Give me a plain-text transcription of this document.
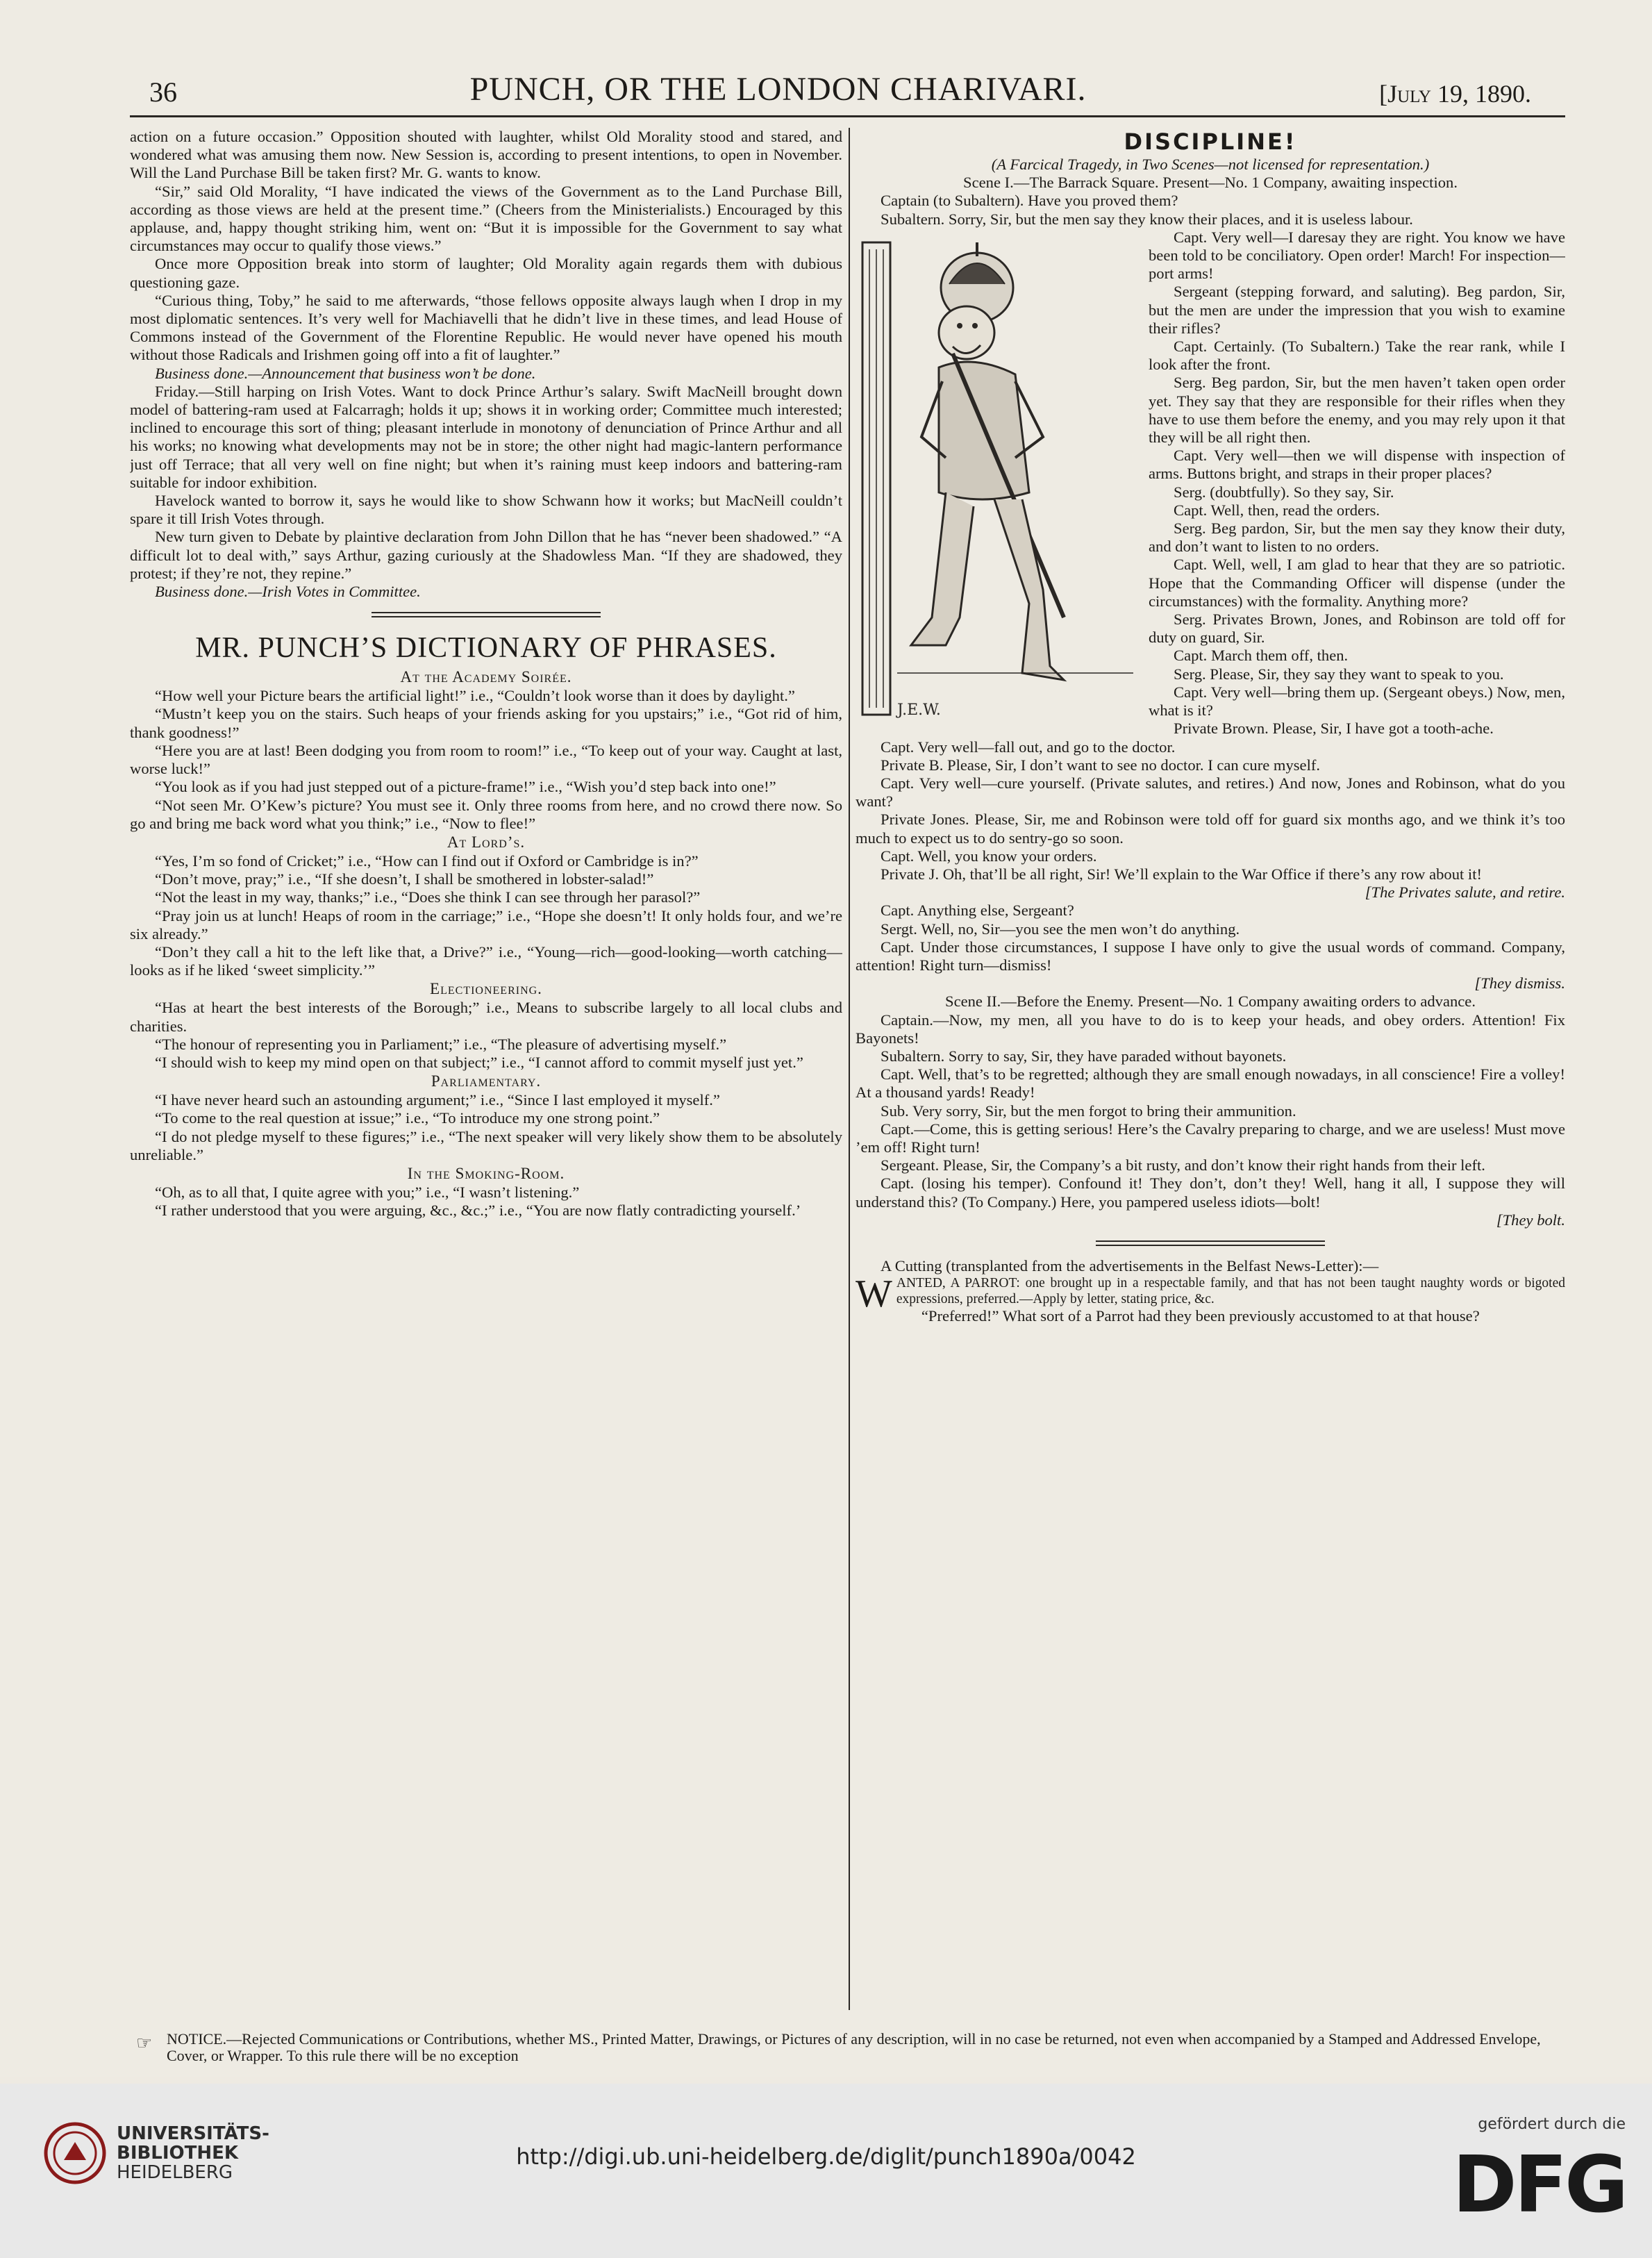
36	PUNCH, OR THE LONDON CHARIVARI.	[July 19, 1890.

action on a future occasion.” Opposition shouted with laughter, whilst Old Morality stood and stared, and wondered what was amusing them now. New Session is, according to present intentions, to open in November. Will the Land Purchase Bill be taken first? Mr. G. wants to know.

“Sir,” said Old Morality, “I have indicated the views of the Government as to the Land Purchase Bill, according as those views are held at the present time.” (Cheers from the Ministerialists.) Encouraged by this applause, and, happy thought striking him, went on: “But it is impossible for the Government to say what circumstances may occur to qualify those views.”

Once more Opposition break into storm of laughter; Old Morality again regards them with dubious questioning gaze.

“Curious thing, Toby,” he said to me afterwards, “those fellows opposite always laugh when I drop in my most diplomatic sentences. It’s very well for Machiavelli that he didn’t live in these times, and lead House of Commons instead of the Government of the Florentine Republic. He would never have opened his mouth without those Radicals and Irishmen going off into a fit of laughter.”

Business done.—Announcement that business won’t be done.

Friday.—Still harping on Irish Votes. Want to dock Prince Arthur’s salary. Swift MacNeill brought down model of battering-ram used at Falcarragh; holds it up; shows it in working order; Committee much interested; inclined to encourage this sort of thing; pleasant interlude in monotony of denunciation of Prince Arthur and all his works; no knowing what developments may not be in store; the other night had magic-lantern performance just off Terrace; that all very well on fine night; but when it’s raining must keep indoors and battering-ram suitable for indoor exhibition.

Havelock wanted to borrow it, says he would like to show Schwann how it works; but MacNeill couldn’t spare it till Irish Votes through.

New turn given to Debate by plaintive declaration from John Dillon that he has “never been shadowed.” “A difficult lot to deal with,” says Arthur, gazing curiously at the Shadowless Man. “If they are shadowed, they protest; if they’re not, they repine.”

Business done.—Irish Votes in Committee.

MR. PUNCH’S DICTIONARY OF PHRASES.

At the Academy Soirée.

“How well your Picture bears the artificial light!” i.e., “Couldn’t look worse than it does by daylight.”

“Mustn’t keep you on the stairs. Such heaps of your friends asking for you upstairs;” i.e., “Got rid of him, thank goodness!”

“Here you are at last! Been dodging you from room to room!” i.e., “To keep out of your way. Caught at last, worse luck!”

“You look as if you had just stepped out of a picture-frame!” i.e., “Wish you’d step back into one!”

“Not seen Mr. O’Kew’s picture? You must see it. Only three rooms from here, and no crowd there now. So go and bring me back word what you think;” i.e., “Now to flee!”

At Lord’s.

“Yes, I’m so fond of Cricket;” i.e., “How can I find out if Oxford or Cambridge is in?”

“Don’t move, pray;” i.e., “If she doesn’t, I shall be smothered in lobster-salad!”

“Not the least in my way, thanks;” i.e., “Does she think I can see through her parasol?”

“Pray join us at lunch! Heaps of room in the carriage;” i.e., “Hope she doesn’t! It only holds four, and we’re six already.”

“Don’t they call a hit to the left like that, a Drive?” i.e., “Young—rich—good-looking—worth catching—looks as if he liked ‘sweet simplicity.’”

Electioneering.

“Has at heart the best interests of the Borough;” i.e., Means to subscribe largely to all local clubs and charities.

“The honour of representing you in Parliament;” i.e., “The pleasure of advertising myself.”

“I should wish to keep my mind open on that subject;” i.e., “I cannot afford to commit myself just yet.”

Parliamentary.

“I have never heard such an astounding argument;” i.e., “Since I last employed it myself.”

“To come to the real question at issue;” i.e., “To introduce my one strong point.”

“I do not pledge myself to these figures;” i.e., “The next speaker will very likely show them to be absolutely unreliable.”

In the Smoking-Room.

“Oh, as to all that, I quite agree with you;” i.e., “I wasn’t listening.”

“I rather understood that you were arguing, &c., &c.;” i.e., “You are now flatly contradicting yourself.’

DISCIPLINE!

(A Farcical Tragedy, in Two Scenes—not licensed for representation.)

Scene I.—The Barrack Square. Present—No. 1 Company, awaiting inspection.

Captain (to Subaltern). Have you proved them?

Subaltern. Sorry, Sir, but the men say they know their places, and it is useless labour.

J.E.W.

Capt. Very well—I daresay they are right. You know we have been told to be conciliatory. Open order! March! For inspection—port arms!

Sergeant (stepping forward, and saluting). Beg pardon, Sir, but the men are under the impression that you wish to examine their rifles?

Capt. Certainly. (To Subaltern.) Take the rear rank, while I look after the front.

Serg. Beg pardon, Sir, but the men haven’t taken open order yet. They say that they are responsible for their rifles when they have to use them before the enemy, and you may rely upon it that they will be all right then.

Capt. Very well—then we will dispense with inspection of arms. Buttons bright, and straps in their proper places?

Serg. (doubtfully). So they say, Sir.

Capt. Well, then, read the orders.

Serg. Beg pardon, Sir, but the men say they know their duty, and don’t want to listen to no orders.

Capt. Well, well, I am glad to hear that they are so patriotic. Hope that the Commanding Officer will dispense (under the circumstances) with the formality. Anything more?

Serg. Privates Brown, Jones, and Robinson are told off for duty on guard, Sir.

Capt. March them off, then.

Serg. Please, Sir, they say they want to speak to you.

Capt. Very well—bring them up. (Sergeant obeys.) Now, men, what is it?

Private Brown. Please, Sir, I have got a tooth-ache.

Capt. Very well—fall out, and go to the doctor.

Private B. Please, Sir, I don’t want to see no doctor. I can cure myself.

Capt. Very well—cure yourself. (Private salutes, and retires.) And now, Jones and Robinson, what do you want?

Private Jones. Please, Sir, me and Robinson were told off for guard six months ago, and we think it’s too much to expect us to do sentry-go so soon.

Capt. Well, you know your orders.

Private J. Oh, that’ll be all right, Sir! We’ll explain to the War Office if there’s any row about it!

[The Privates salute, and retire.

Capt. Anything else, Sergeant?

Sergt. Well, no, Sir—you see the men won’t do anything.

Capt. Under those circumstances, I suppose I have only to give the usual words of command. Company, attention! Right turn—dismiss!

[They dismiss.

Scene II.—Before the Enemy. Present—No. 1 Company awaiting orders to advance.

Captain.—Now, my men, all you have to do is to keep your heads, and obey orders. Attention! Fix Bayonets!

Subaltern. Sorry to say, Sir, they have paraded without bayonets.

Capt. Well, that’s to be regretted; although they are small enough nowadays, in all conscience! Fire a volley! At a thousand yards! Ready!

Sub. Very sorry, Sir, but the men forgot to bring their ammunition.

Capt.—Come, this is getting serious! Here’s the Cavalry preparing to charge, and we are useless! Must move ’em off! Right turn!

Sergeant. Please, Sir, the Company’s a bit rusty, and don’t know their right hands from their left.

Capt. (losing his temper). Confound it! They don’t, don’t they! Well, hang it all, I suppose they will understand this? (To Company.) Here, you pampered useless idiots—bolt!

[They bolt.

A Cutting (transplanted from the advertisements in the Belfast News-Letter):—

WANTED, A PARROT: one brought up in a respectable family, and that has not been taught naughty words or bigoted expressions, preferred.—Apply by letter, stating price, &c.

“Preferred!” What sort of a Parrot had they been previously accustomed to at that house?

☞ NOTICE.—Rejected Communications or Contributions, whether MS., Printed Matter, Drawings, or Pictures of any description, will in no case be returned, not even when accompanied by a Stamped and Addressed Envelope, Cover, or Wrapper. To this rule there will be no exception
UNIVERSITÄTS-
BIBLIOTHEK
HEIDELBERG
http://digi.ub.uni-heidelberg.de/diglit/punch1890a/0042
gefördert durch die
DFG
